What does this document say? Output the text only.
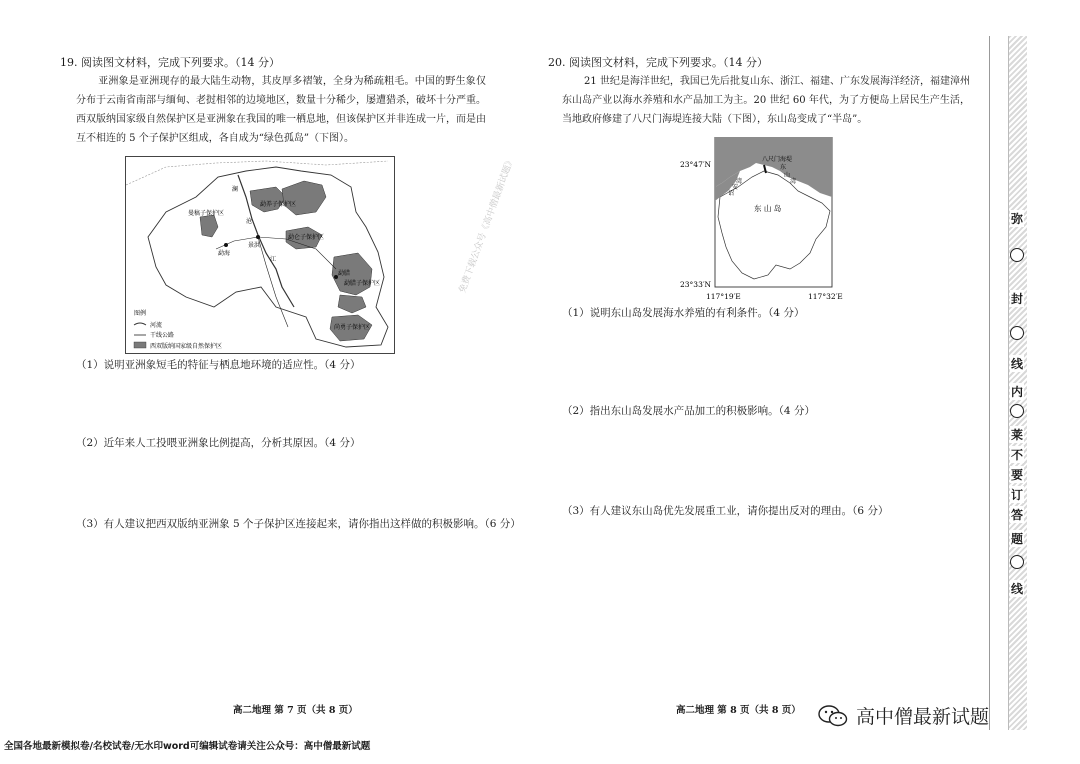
19. 阅读图文材料，完成下列要求。（14 分）
亚洲象是亚洲现存的最大陆生动物，其皮厚多褶皱，全身为稀疏粗毛。中国的野生象仅分布于云南省南部与缅甸、老挝相邻的边境地区，数量十分稀少，屡遭猎杀，破坏十分严重。西双版纳国家级自然保护区是亚洲象在我国的唯一栖息地，但该保护区并非连成一片，而是由互不相连的 5 个子保护区组成，各自成为“绿色孤岛”（下图）。
图例
河流
干线公路
西双版纳国家级自然保护区
勐养子保护区
曼稿子保护区
勐仑子保护区
勐腊子保护区
尚勇子保护区
景洪
勐海
澜
沧
江
勐腊
（1）说明亚洲象短毛的特征与栖息地环境的适应性。（4 分）
（2）近年来人工投喂亚洲象比例提高，分析其原因。（4 分）
（3）有人建议把西双版纳亚洲象 5 个子保护区连接起来，请你指出这样做的积极影响。（6 分）
高二地理 第 7 页（共 8 页）
免费下载公众号《高中僧最新试题》
20. 阅读图文材料，完成下列要求。（14 分）
21 世纪是海洋世纪，我国已先后批复山东、浙江、福建、广东发展海洋经济，福建漳州东山岛产业以海水养殖和水产品加工为主。20 世纪 60 年代，为了方便岛上居民生产生活，当地政府修建了八尺门海堤连接大陆（下图），东山岛变成了“半岛”。
23°47′N
23°33′N
117°19′E	117°32′E
东 山 岛
八尺门海堤
诏
安
湾
东
山
湾
（1）说明东山岛发展海水养殖的有利条件。（4 分）
（2）指出东山岛发展水产品加工的积极影响。（4 分）
（3）有人建议东山岛优先发展重工业，请你提出反对的理由。（6 分）
高二地理 第 8 页（共 8 页）
弥
封
线
内
莱
不
要
订
答
题
线
高中僧最新试题
全国各地最新模拟卷/名校试卷/无水印word可编辑试卷请关注公众号：高中僧最新试题
